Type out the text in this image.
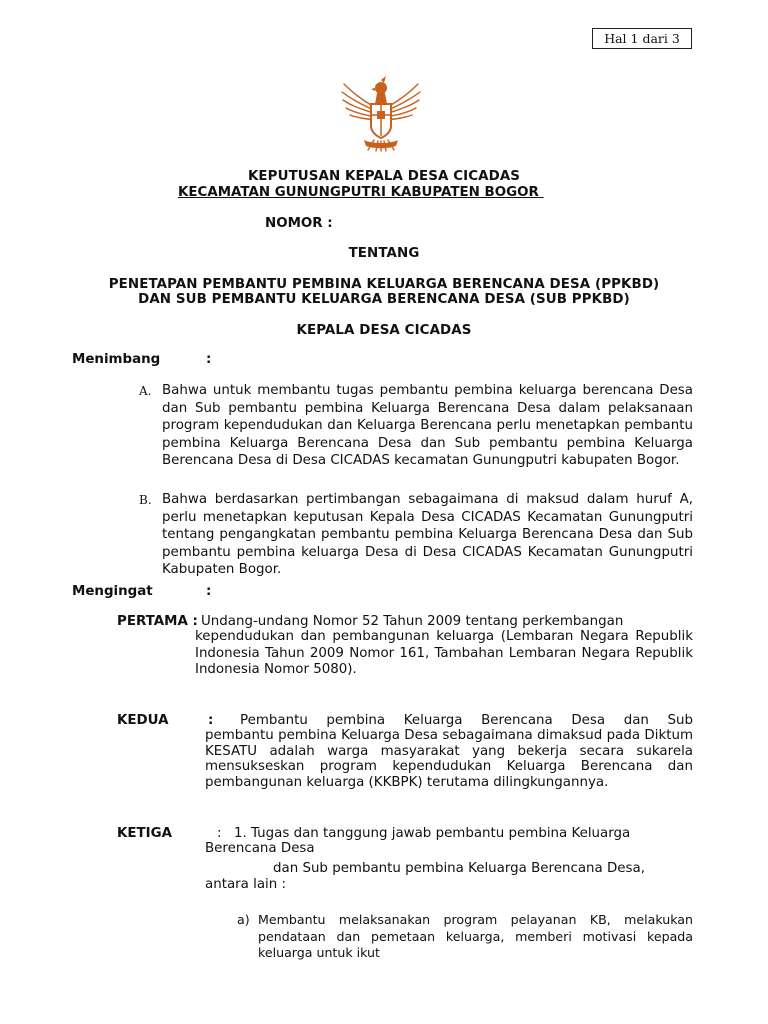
Hal 1 dari 3
KEPUTUSAN KEPALA DESA CICADAS
KECAMATAN GUNUNGPUTRI KABUPATEN BOGOR
NOMOR :
TENTANG
PENETAPAN PEMBANTU PEMBINA KELUARGA BERENCANA DESA (PPKBD)
DAN SUB PEMBANTU KELUARGA BERENCANA DESA (SUB PPKBD)
KEPALA DESA CICADAS
Menimbang	:
A. Bahwa untuk membantu tugas pembantu pembina keluarga berencana Desa dan Sub pembantu pembina Keluarga Berencana Desa dalam pelaksanaan program kependudukan dan Keluarga Berencana perlu menetapkan pembantu pembina Keluarga Berencana Desa dan Sub pembantu pembina Keluarga Berencana Desa di Desa CICADAS kecamatan Gunungputri kabupaten Bogor.

B. Bahwa berdasarkan pertimbangan sebagaimana di maksud dalam huruf A, perlu menetapkan keputusan Kepala Desa CICADAS Kecamatan Gunungputri tentang pengangkatan pembantu pembina Keluarga Berencana Desa dan Sub pembantu pembina keluarga Desa di Desa CICADAS Kecamatan Gunungputri Kabupaten Bogor.

Mengingat	:
PERTAMA : Undang-undang Nomor 52 Tahun 2009 tentang perkembangan

kependudukan dan pembangunan keluarga (Lembaran Negara Republik Indonesia Tahun 2009 Nomor 161, Tambahan Lembaran Negara Republik Indonesia Nomor 5080).

KEDUA	: Pembantu pembina Keluarga Berencana Desa dan Sub

pembantu pembina Keluarga Desa sebagaimana dimaksud pada Diktum KESATU adalah warga masyarakat yang bekerja secara sukarela mensukseskan program kependudukan Keluarga Berencana dan pembangunan keluarga (KKBPK) terutama dilingkungannya.

KETIGA	: 1. Tugas dan tanggung jawab pembantu pembina Keluarga
Berencana Desa
dan Sub pembantu pembina Keluarga Berencana Desa,
antara lain :
a) Membantu melaksanakan program pelayanan KB, melakukan pendataan dan pemetaan keluarga, memberi motivasi kepada keluarga untuk ikut
